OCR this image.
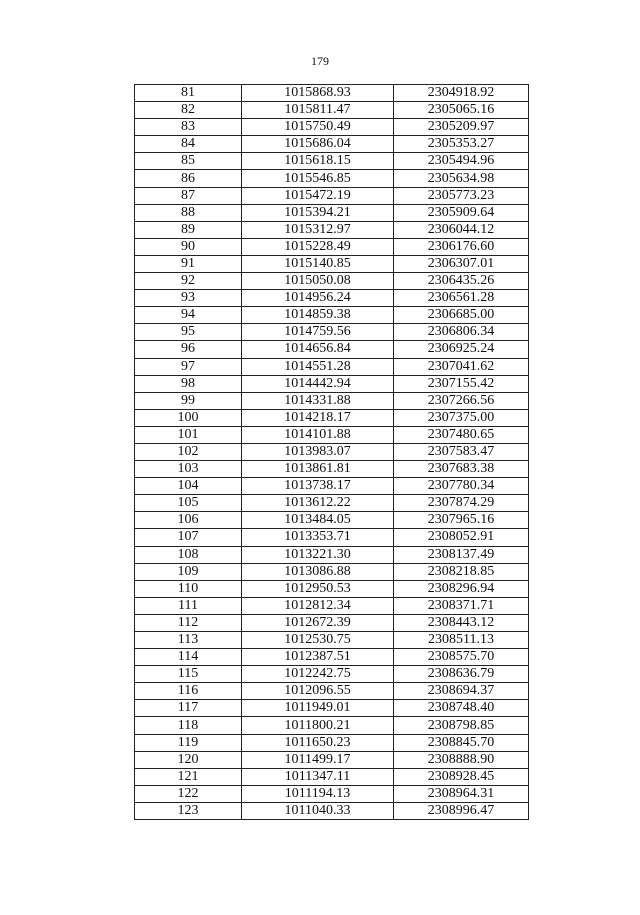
179
81	1015868.93	2304918.92
82	1015811.47	2305065.16
83	1015750.49	2305209.97
84	1015686.04	2305353.27
85	1015618.15	2305494.96
86	1015546.85	2305634.98
87	1015472.19	2305773.23
88	1015394.21	2305909.64
89	1015312.97	2306044.12
90	1015228.49	2306176.60
91	1015140.85	2306307.01
92	1015050.08	2306435.26
93	1014956.24	2306561.28
94	1014859.38	2306685.00
95	1014759.56	2306806.34
96	1014656.84	2306925.24
97	1014551.28	2307041.62
98	1014442.94	2307155.42
99	1014331.88	2307266.56
100	1014218.17	2307375.00
101	1014101.88	2307480.65
102	1013983.07	2307583.47
103	1013861.81	2307683.38
104	1013738.17	2307780.34
105	1013612.22	2307874.29
106	1013484.05	2307965.16
107	1013353.71	2308052.91
108	1013221.30	2308137.49
109	1013086.88	2308218.85
110	1012950.53	2308296.94
111	1012812.34	2308371.71
112	1012672.39	2308443.12
113	1012530.75	2308511.13
114	1012387.51	2308575.70
115	1012242.75	2308636.79
116	1012096.55	2308694.37
117	1011949.01	2308748.40
118	1011800.21	2308798.85
119	1011650.23	2308845.70
120	1011499.17	2308888.90
121	1011347.11	2308928.45
122	1011194.13	2308964.31
123	1011040.33	2308996.47
